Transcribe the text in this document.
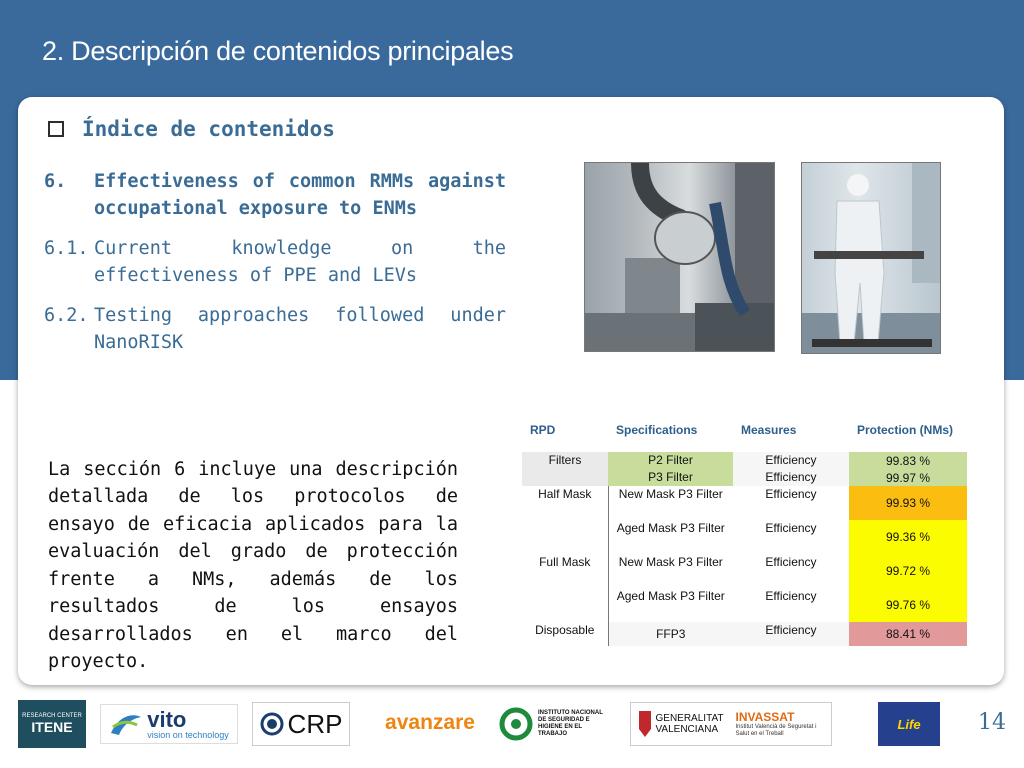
2. Descripción de contenidos principales
Índice de contenidos
6.	Effectiveness of common RMMs against occupational exposure to ENMs
6.1. Current knowledge on the effectiveness of PPE and LEVs
6.2. Testing approaches followed under NanoRISK

La sección 6 incluye una descripción detallada de los protocolos de ensayo de eficacia aplicados para la evaluación del grado de protección frente a NMs, además de los resultados de los ensayos desarrollados en el marco del proyecto.

RPD	Specifications	Measures	Protection (NMs)
Filters	P2 Filter	Efficiency	99.83 %
	P3 Filter	Efficiency	99.97 %
Half Mask	New Mask P3 Filter	Efficiency	99.93 %
	Aged Mask P3 Filter	Efficiency	99.36 %
Full Mask	New Mask P3 Filter	Efficiency	99.72 %
	Aged Mask P3 Filter	Efficiency	99.76 %
Disposable	FFP3	Efficiency	88.41 %
RESEARCH CENTER
ITENE	vito
vision on technology CRP	avanzare	INSTITUTO NACIONAL DE SEGURIDAD E HIGIENE EN EL TRABAJO
GENERALITAT VALENCIANA
INVASSAT
Institut Valencià de Seguretat i Salut en el Treball
Life	14
